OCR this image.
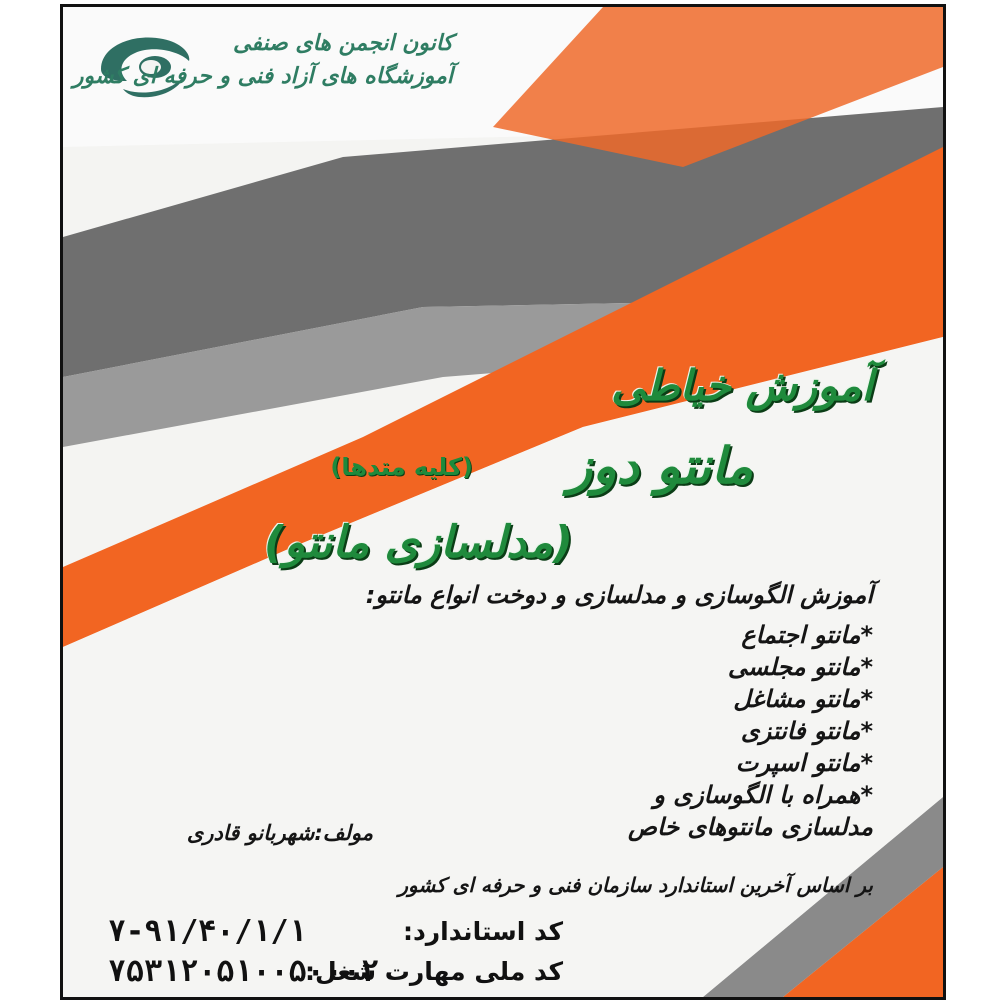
کانون انجمن های صنفی
آموزشگاه های آزاد فنی و حرفه ای کشور
آموزش خیاطی
مانتو دوز
(کلیه متدها)
(مدلسازی مانتو)
آموزش الگوسازی و مدلسازی و دوخت انواع مانتو:
*مانتو اجتماع
*مانتو مجلسی
*مانتو مشاغل
*مانتو فانتزی
*مانتو اسپرت
*همراه با الگوسازی و
مدلسازی مانتوهای خاص
مولف:شهربانو قادری
بر اساس آخرین استاندارد سازمان فنی و حرفه ای کشور
کد استاندارد:
۷-۹۱/۴۰/۱/۱
کد ملی مهارت شغل:
۷۵۳۱۲۰۵۱۰۰۵۰۰۰۲
